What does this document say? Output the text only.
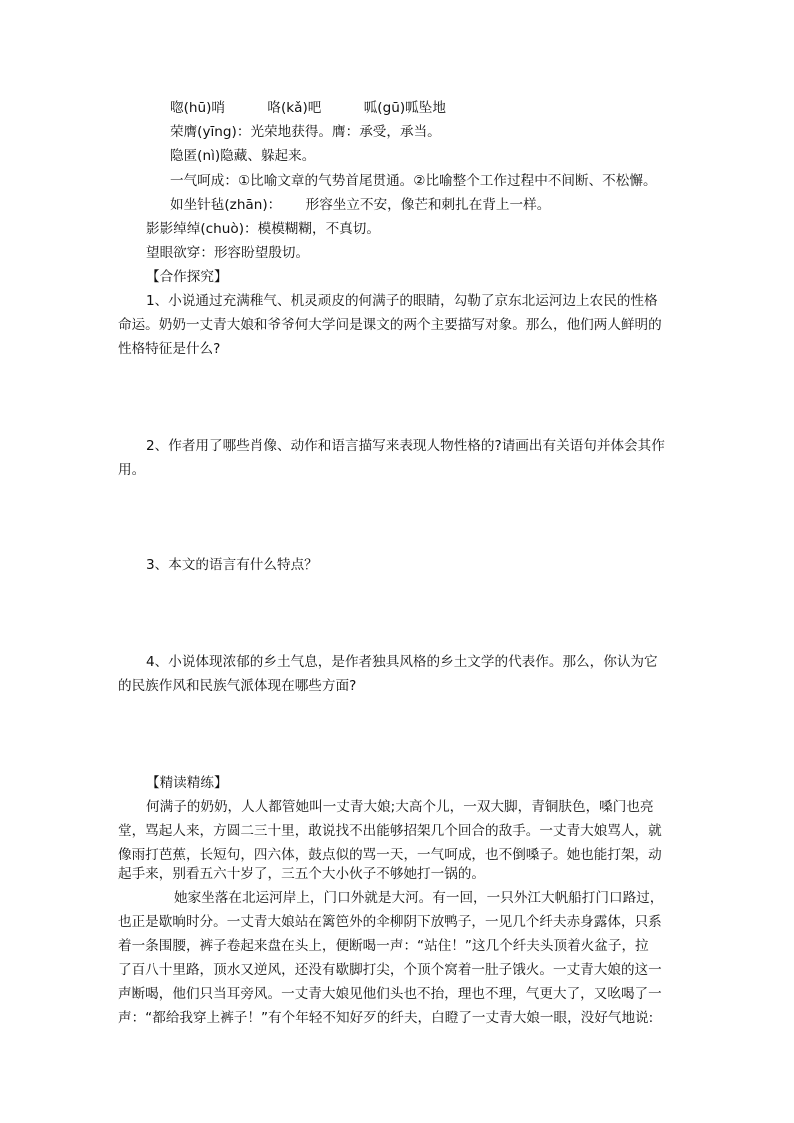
唿(hū)哨	咯(kǎ)吧	呱(gū)呱坠地
荣膺(yīng)：光荣地获得。膺：承受，承当。
隐匿(nì)隐藏、躲起来。
一气呵成：①比喻文章的气势首尾贯通。②比喻整个工作过程中不间断、不松懈。
如坐针毡(zhān)： 形容坐立不安，像芒和刺扎在背上一样。
影影绰绰(chuò)：模模糊糊，不真切。
望眼欲穿：形容盼望殷切。
【合作探究】
1、小说通过充满稚气、机灵顽皮的何满子的眼睛，勾勒了京东北运河边上农民的性格
命运。奶奶一丈青大娘和爷爷何大学问是课文的两个主要描写对象。那么，他们两人鲜明的
性格特征是什么?
2、作者用了哪些肖像、动作和语言描写来表现人物性格的?请画出有关语句并体会其作
用。
3、本文的语言有什么特点？
4、小说体现浓郁的乡土气息，是作者独具风格的乡土文学的代表作。那么，你认为它
的民族作风和民族气派体现在哪些方面?
【精读精练】
何满子的奶奶，人人都管她叫一丈青大娘;大高个儿，一双大脚，青铜肤色，嗓门也亮
堂，骂起人来，方圆二三十里，敢说找不出能够招架几个回合的敌手。一丈青大娘骂人，就
像雨打芭蕉，长短句，四六体，鼓点似的骂一天，一气呵成，也不倒嗓子。她也能打架，动
起手来，别看五六十岁了，三五个大小伙子不够她打一锅的。
她家坐落在北运河岸上，门口外就是大河。有一回，一只外江大帆船打门口路过，
也正是歇晌时分。一丈青大娘站在篱笆外的伞柳阴下放鸭子，一见几个纤夫赤身露体，只系
着一条围腰，裤子卷起来盘在头上，便断喝一声：“站住！”这几个纤夫头顶着火盆子，拉
了百八十里路，顶水又逆风，还没有歇脚打尖，个顶个窝着一肚子饿火。一丈青大娘的这一
声断喝，他们只当耳旁风。一丈青大娘见他们头也不抬，理也不理，气更大了，又吆喝了一
声：“都给我穿上裤子！”有个年轻不知好歹的纤夫，白瞪了一丈青大娘一眼，没好气地说:
